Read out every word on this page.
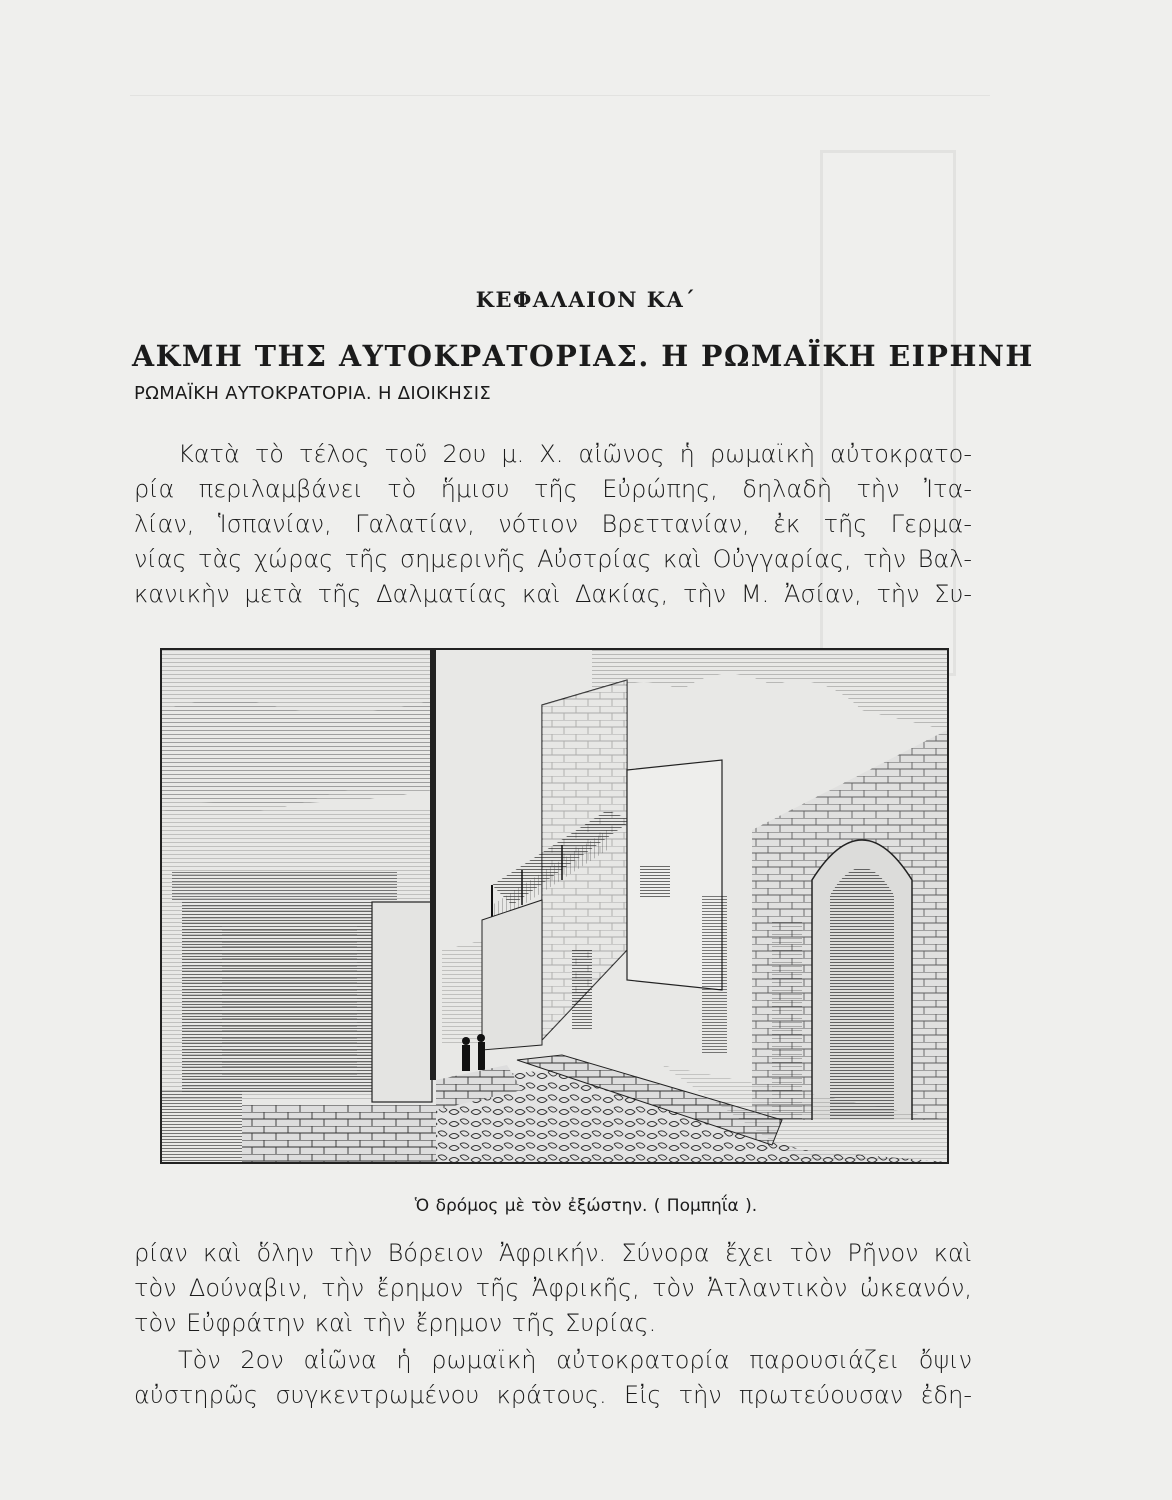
ΚΕΦΑΛΑΙΟΝ ΚΑ΄
ΑΚΜΗ ΤΗΣ ΑΥΤΟΚΡΑΤΟΡΙΑΣ. Η ΡΩΜΑΪΚΗ ΕΙΡΗΝΗ
ΡΩΜΑΪΚΗ ΑΥΤΟΚΡΑΤΟΡΙΑ. Η ΔΙΟΙΚΗΣΙΣ
Κατὰ τὸ τέλος τοῦ 2ου μ. Χ. αἰῶνος ἡ ρωμαϊκὴ αὐτοκρατο-
ρία περιλαμβάνει τὸ ἥμισυ τῆς Εὐρώπης, δηλαδὴ τὴν Ἰτα-
λίαν, Ἱσπανίαν, Γαλατίαν, νότιον Βρεττανίαν, ἐκ τῆς Γερμα-
νίας τὰς χώρας τῆς σημερινῆς Αὐστρίας καὶ Οὐγγαρίας, τὴν Βαλ-
κανικὴν μετὰ τῆς Δαλματίας καὶ Δακίας, τὴν Μ. Ἀσίαν, τὴν Συ-
Ὁ δρόμος μὲ τὸν ἐξώστην. ( Πομπηΐα ).
ρίαν καὶ ὅλην τὴν Βόρειον Ἀφρικήν. Σύνορα ἔχει τὸν Ρῆνον καὶ
τὸν Δούναβιν, τὴν ἔρημον τῆς Ἀφρικῆς, τὸν Ἀτλαντικὸν ὠκεανόν,
τὸν Εὐφράτην καὶ τὴν ἔρημον τῆς Συρίας.
Τὸν 2ον αἰῶνα ἡ ρωμαϊκὴ αὐτοκρατορία παρουσιάζει ὄψιν
αὐστηρῶς συγκεντρωμένου κράτους. Εἰς τὴν πρωτεύουσαν ἐδη-
